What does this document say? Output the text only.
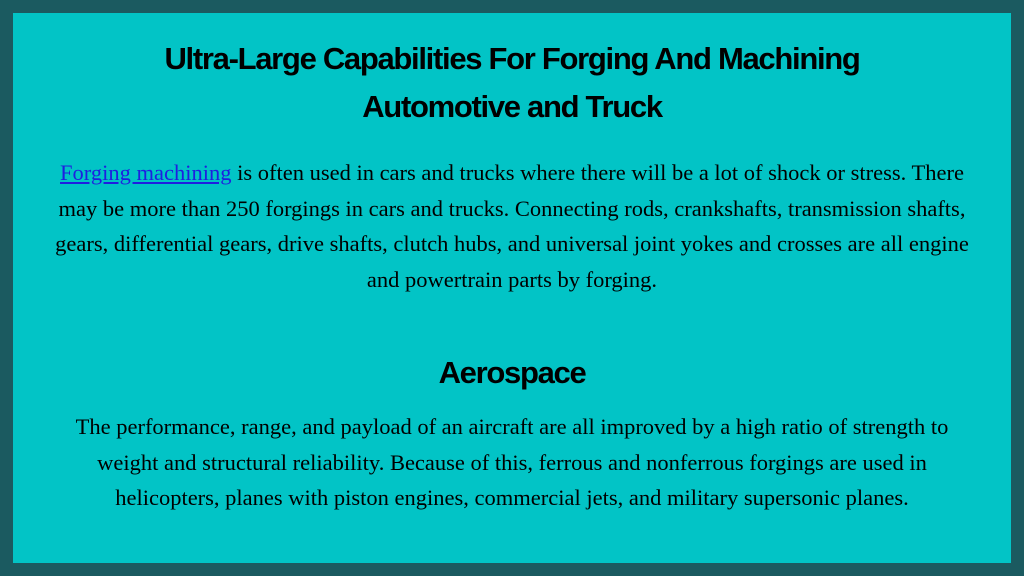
Ultra-Large Capabilities For Forging And Machining
Automotive and Truck

Forging machining is often used in cars and trucks where there will be a lot of shock or stress. There may be more than 250 forgings in cars and trucks. Connecting rods, crankshafts, transmission shafts, gears, differential gears, drive shafts, clutch hubs, and universal joint yokes and crosses are all engine and powertrain parts by forging.

Aerospace

The performance, range, and payload of an aircraft are all improved by a high ratio of strength to weight and structural reliability. Because of this, ferrous and nonferrous forgings are used in helicopters, planes with piston engines, commercial jets, and military supersonic planes.
